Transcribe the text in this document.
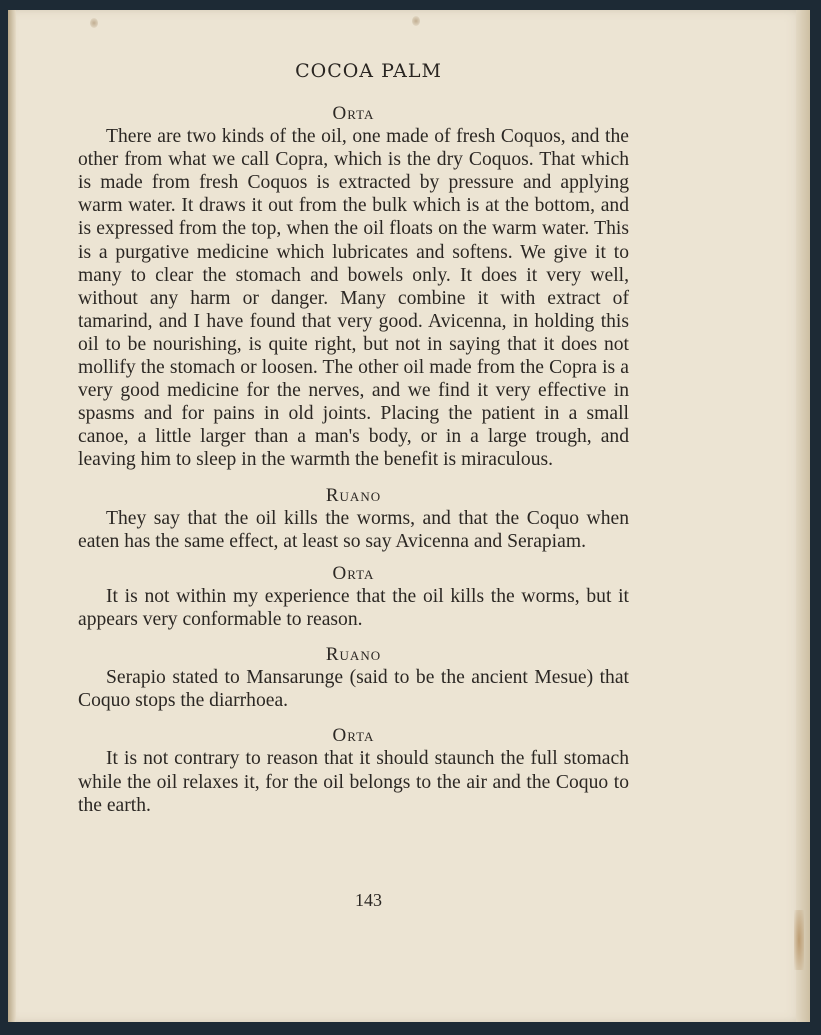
COCOA PALM

Orta

There are two kinds of the oil, one made of fresh Coquos, and the other from what we call Copra, which is the dry Coquos. That which is made from fresh Coquos is extracted by pressure and applying warm water. It draws it out from the bulk which is at the bottom, and is expressed from the top, when the oil floats on the warm water. This is a purgative medicine which lubricates and softens. We give it to many to clear the stomach and bowels only. It does it very well, without any harm or danger. Many combine it with extract of tamarind, and I have found that very good. Avicenna, in holding this oil to be nourishing, is quite right, but not in saying that it does not mollify the stomach or loosen. The other oil made from the Copra is a very good medicine for the nerves, and we find it very effective in spasms and for pains in old joints. Placing the patient in a small canoe, a little larger than a man's body, or in a large trough, and leaving him to sleep in the warmth the benefit is miraculous.

Ruano

They say that the oil kills the worms, and that the Coquo when eaten has the same effect, at least so say Avicenna and Serapiam.

Orta

It is not within my experience that the oil kills the worms, but it appears very conformable to reason.

Ruano

Serapio stated to Mansarunge (said to be the ancient Mesue) that Coquo stops the diarrhoea.

Orta

It is not contrary to reason that it should staunch the full stomach while the oil relaxes it, for the oil belongs to the air and the Coquo to the earth.

143
